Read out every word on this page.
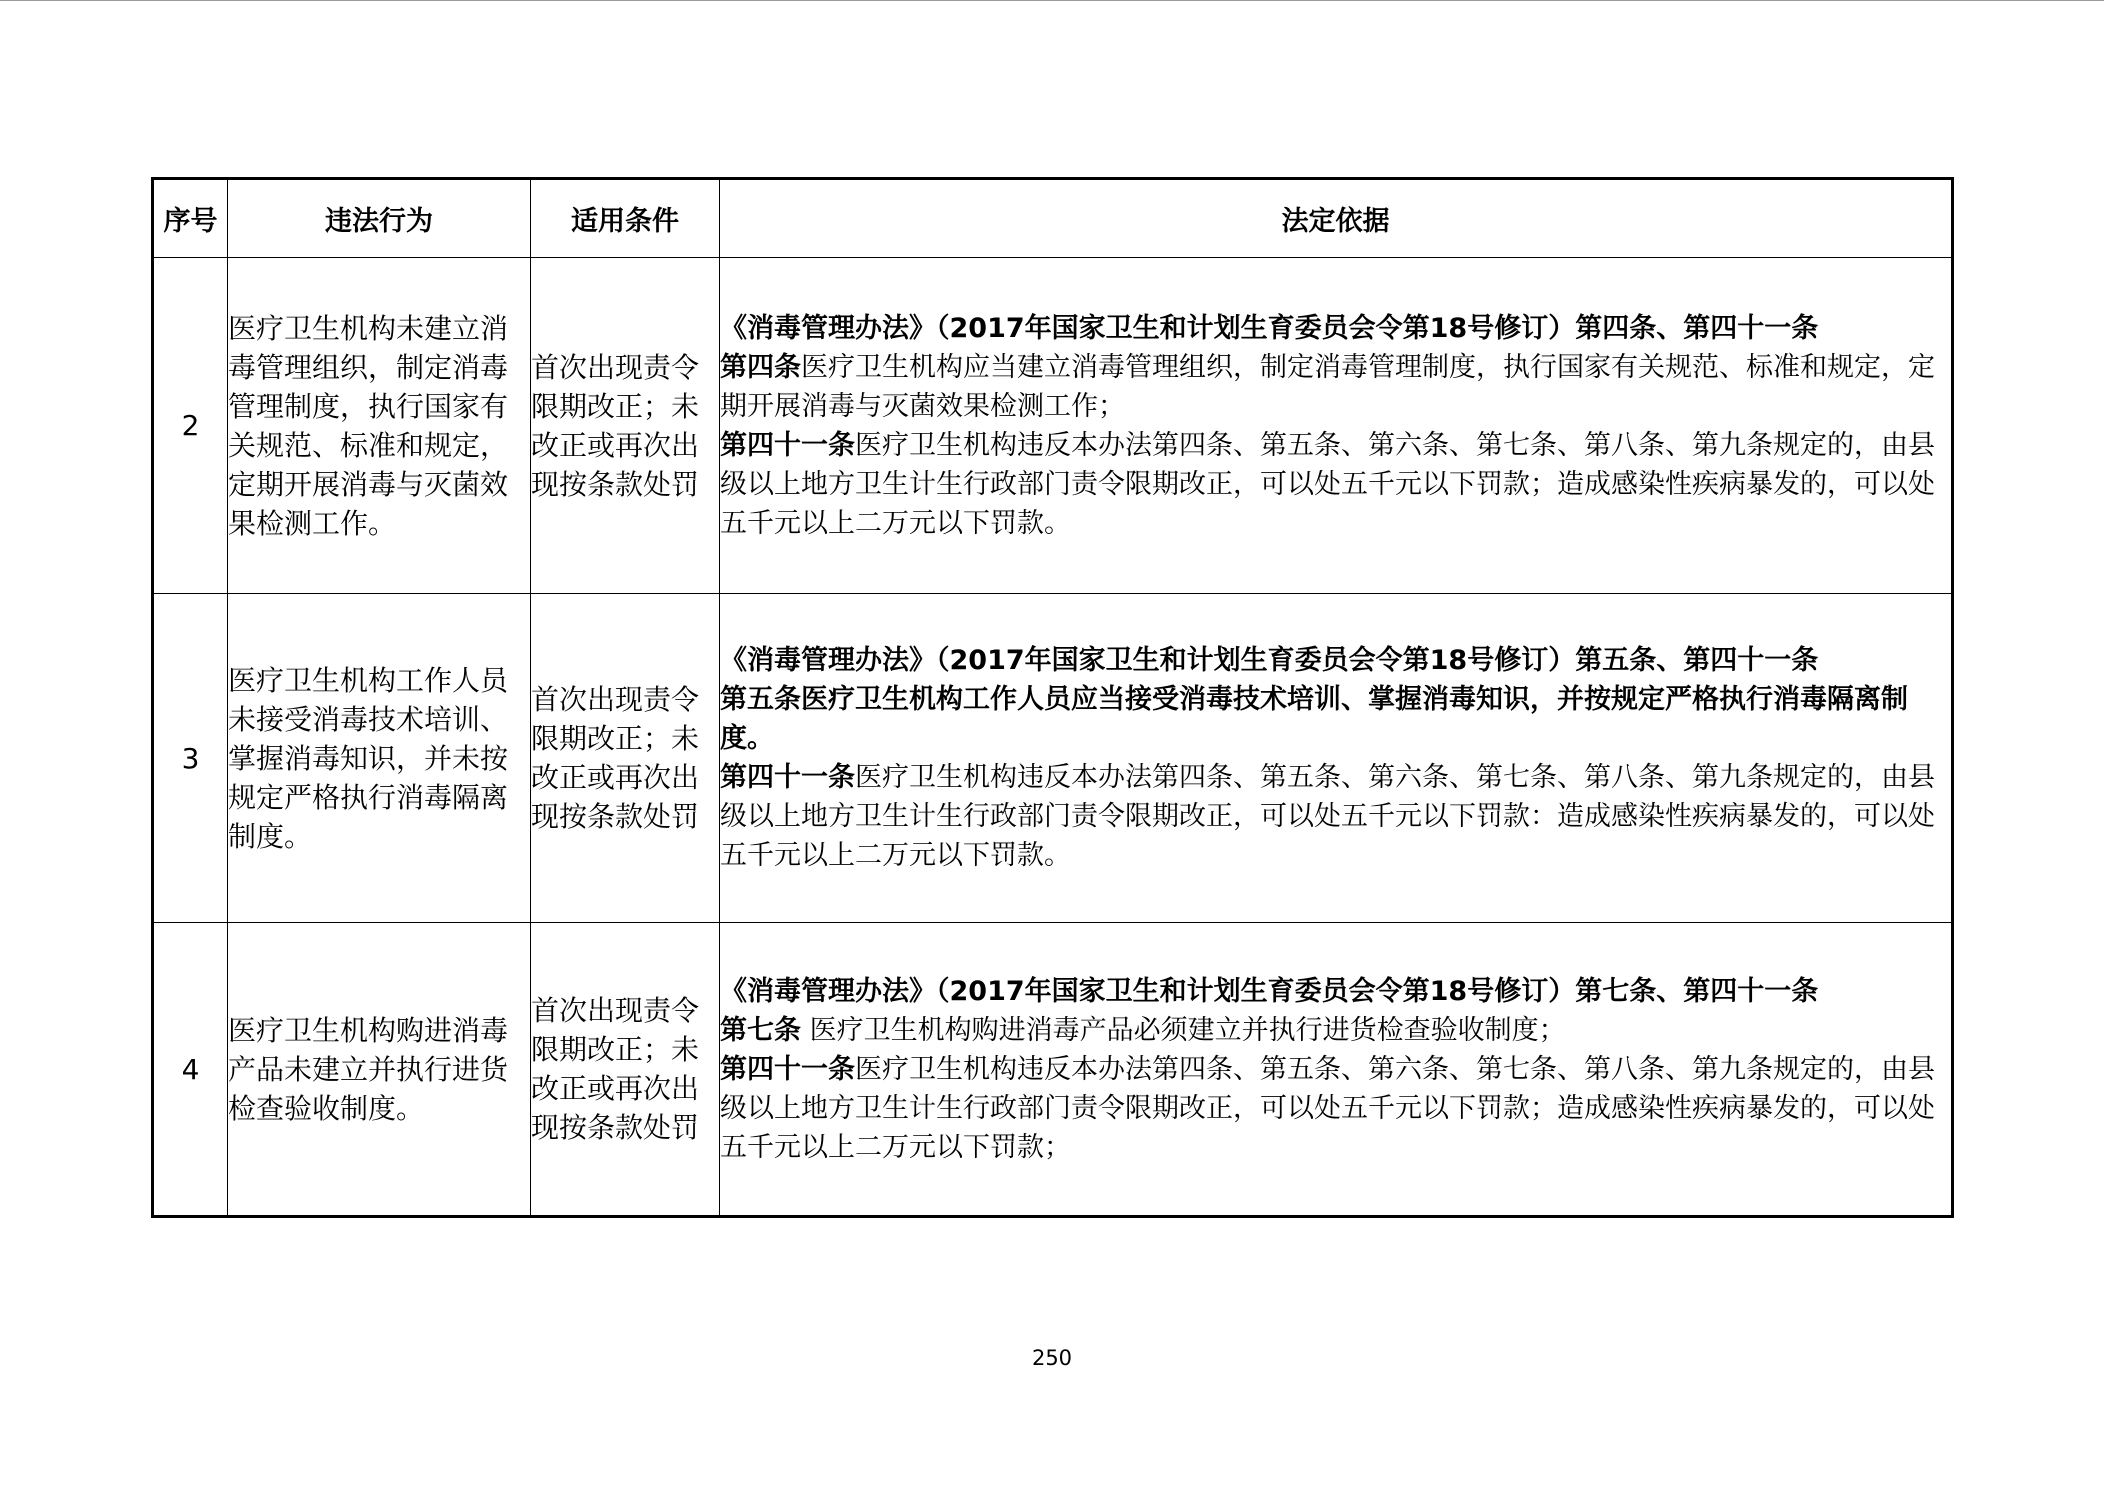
序号	违法行为	适用条件	法定依据
2	医疗卫生机构未建立消毒管理组织，制定消毒管理制度，执行国家有关规范、标准和规定，定期开展消毒与灭菌效果检测工作。	首次出现责令限期改正；未改正或再次出现按条款处罚	《消毒管理办法》（2017年国家卫生和计划生育委员会令第18号修订）第四条、第四十一条
第四条医疗卫生机构应当建立消毒管理组织，制定消毒管理制度，执行国家有关规范、标准和规定，定期开展消毒与灭菌效果检测工作；
第四十一条医疗卫生机构违反本办法第四条、第五条、第六条、第七条、第八条、第九条规定的，由县级以上地方卫生计生行政部门责令限期改正，可以处五千元以下罚款；造成感染性疾病暴发的，可以处五千元以上二万元以下罚款。

3	医疗卫生机构工作人员未接受消毒技术培训、掌握消毒知识，并未按规定严格执行消毒隔离制度。	首次出现责令限期改正；未改正或再次出现按条款处罚	《消毒管理办法》（2017年国家卫生和计划生育委员会令第18号修订）第五条、第四十一条
第五条医疗卫生机构工作人员应当接受消毒技术培训、掌握消毒知识，并按规定严格执行消毒隔离制度。
第四十一条医疗卫生机构违反本办法第四条、第五条、第六条、第七条、第八条、第九条规定的，由县级以上地方卫生计生行政部门责令限期改正，可以处五千元以下罚款：造成感染性疾病暴发的，可以处五千元以上二万元以下罚款。

4	医疗卫生机构购进消毒产品未建立并执行进货检查验收制度。	首次出现责令限期改正；未改正或再次出现按条款处罚	《消毒管理办法》（2017年国家卫生和计划生育委员会令第18号修订）第七条、第四十一条
第七条 医疗卫生机构购进消毒产品必须建立并执行进货检查验收制度；
第四十一条医疗卫生机构违反本办法第四条、第五条、第六条、第七条、第八条、第九条规定的，由县级以上地方卫生计生行政部门责令限期改正，可以处五千元以下罚款；造成感染性疾病暴发的，可以处五千元以上二万元以下罚款；
250
